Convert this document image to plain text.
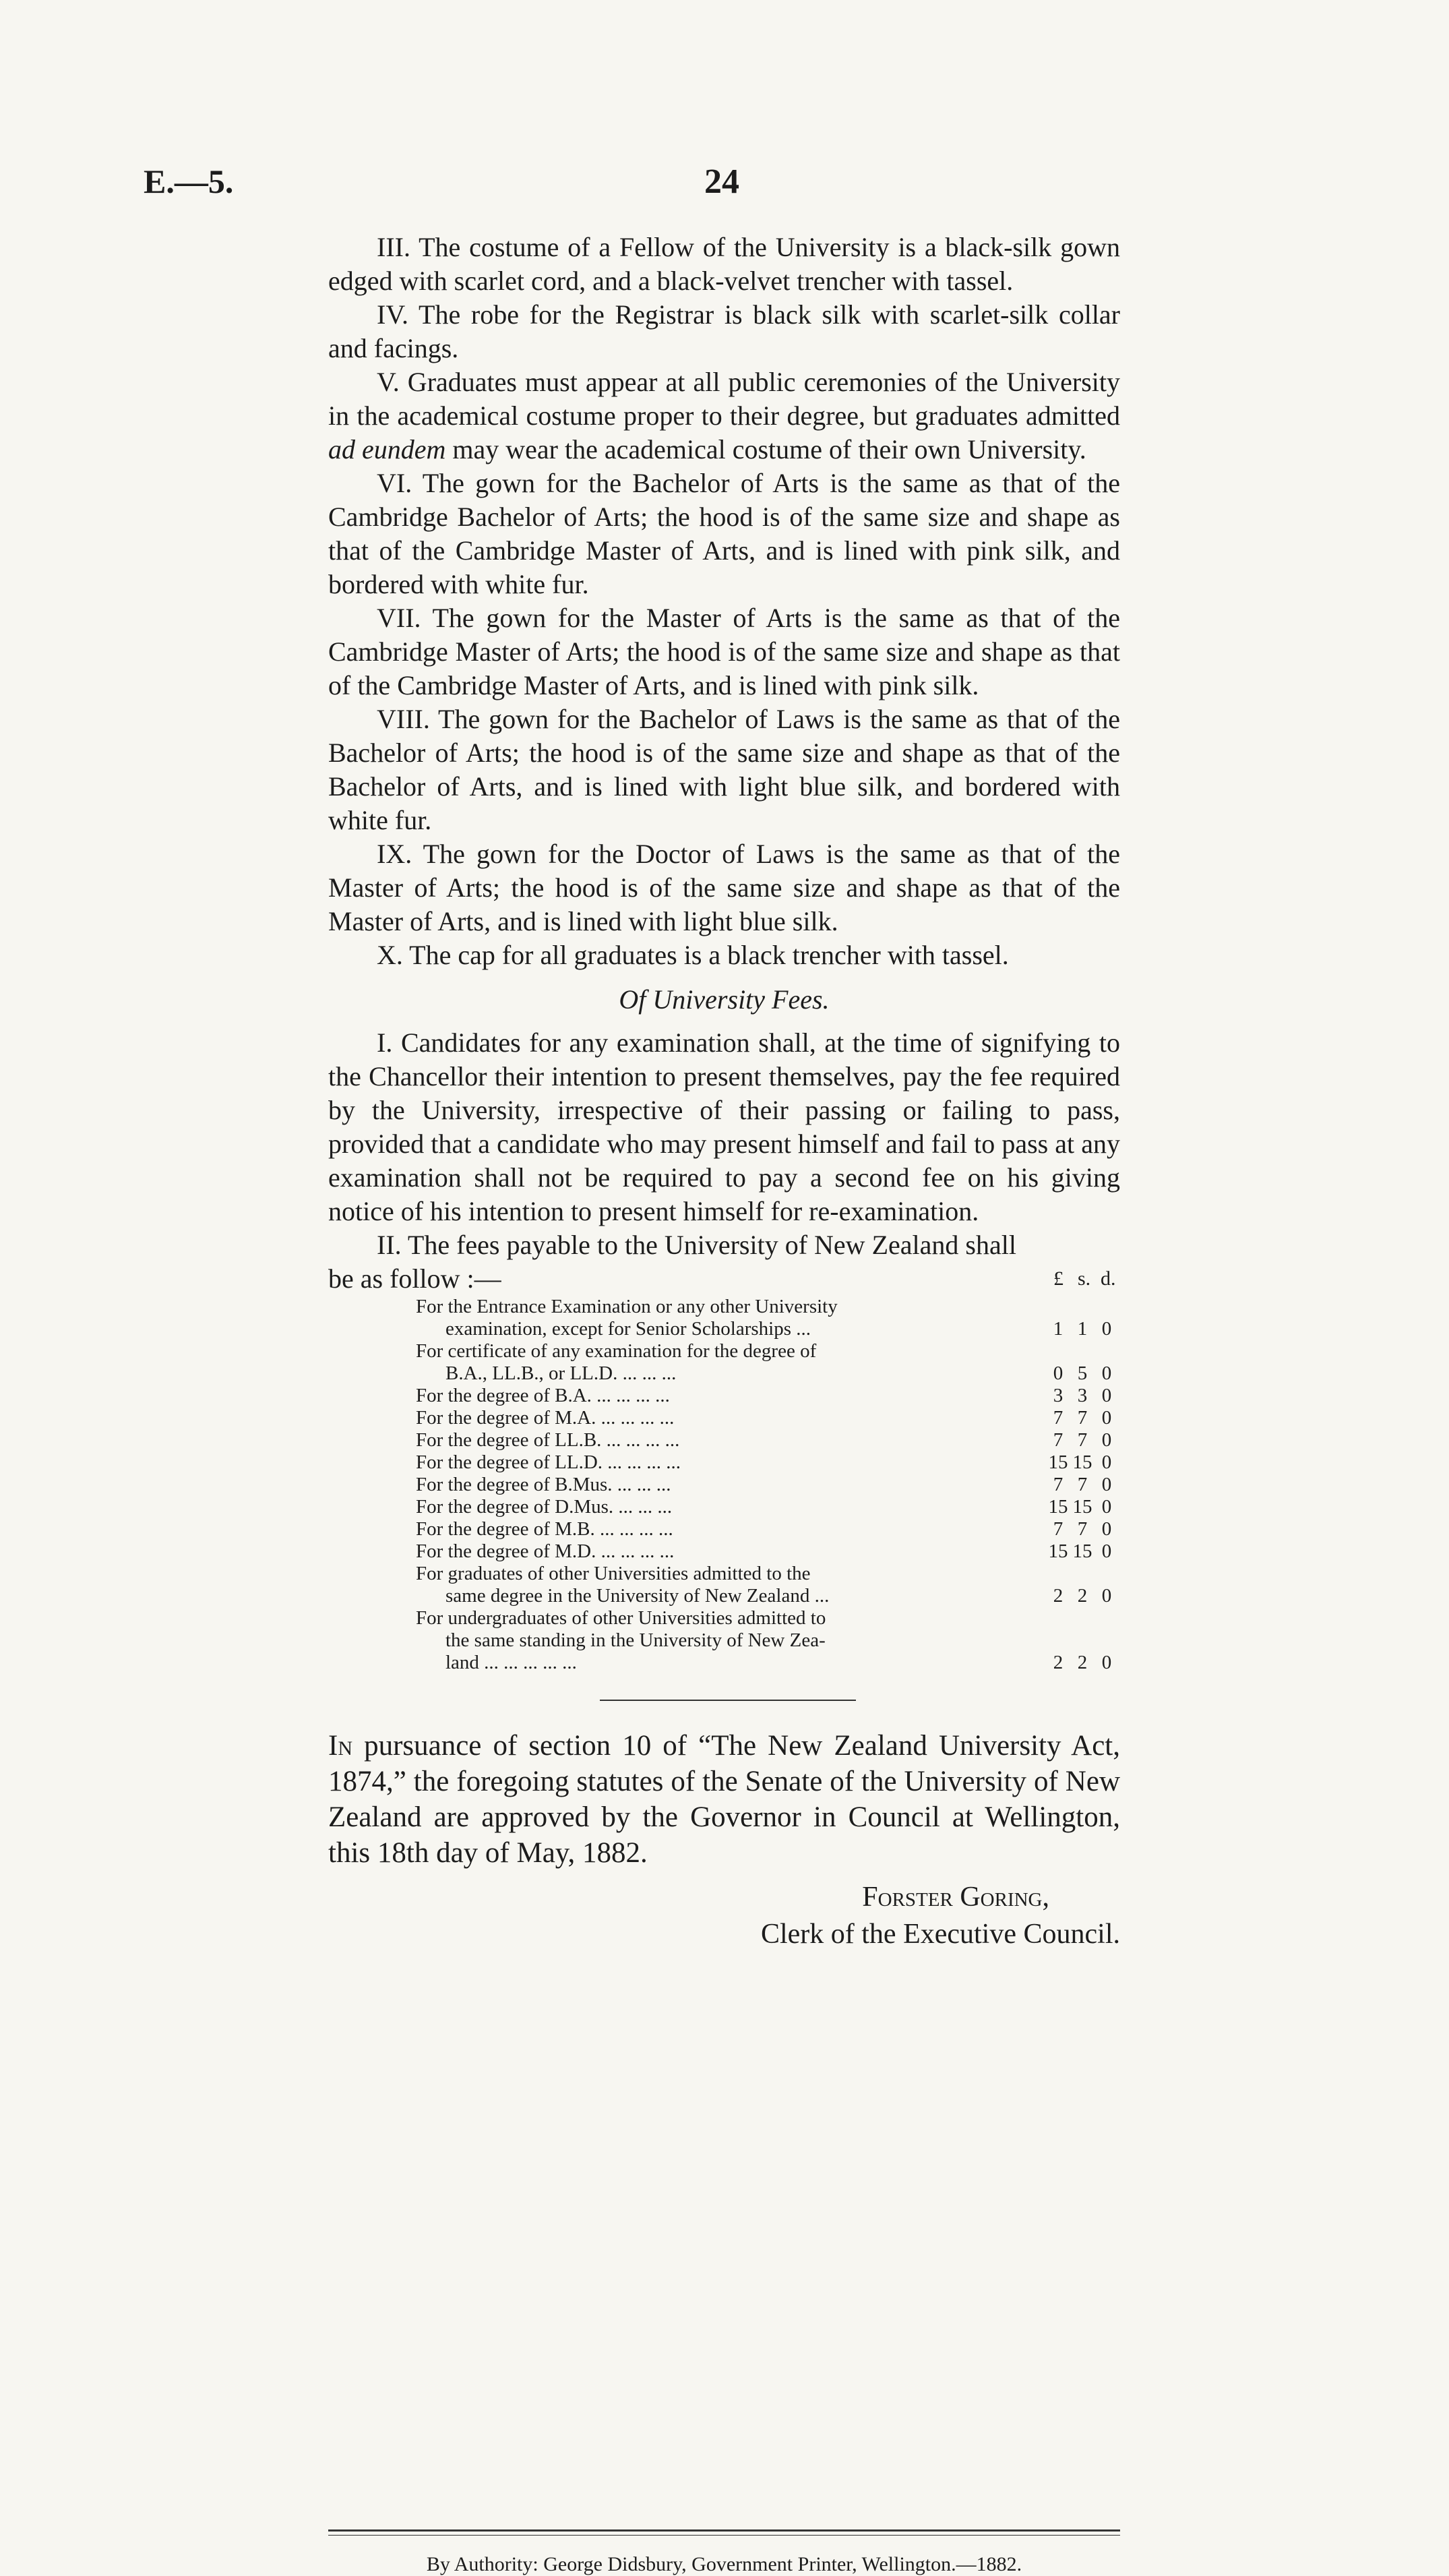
E.—5.	24

III. The costume of a Fellow of the University is a black-silk gown edged with scarlet cord, and a black-velvet trencher with tassel.

IV. The robe for the Registrar is black silk with scarlet-silk collar and facings.

V. Graduates must appear at all public ceremonies of the University in the academical costume proper to their degree, but graduates admitted ad eundem may wear the academical costume of their own University.

VI. The gown for the Bachelor of Arts is the same as that of the Cambridge Bachelor of Arts; the hood is of the same size and shape as that of the Cambridge Master of Arts, and is lined with pink silk, and bordered with white fur.

VII. The gown for the Master of Arts is the same as that of the Cambridge Master of Arts; the hood is of the same size and shape as that of the Cambridge Master of Arts, and is lined with pink silk.

VIII. The gown for the Bachelor of Laws is the same as that of the Bachelor of Arts; the hood is of the same size and shape as that of the Bachelor of Arts, and is lined with light blue silk, and bordered with white fur.

IX. The gown for the Doctor of Laws is the same as that of the Master of Arts; the hood is of the same size and shape as that of the Master of Arts, and is lined with light blue silk.

X. The cap for all graduates is a black trencher with tassel.

Of University Fees.

I. Candidates for any examination shall, at the time of signifying to the Chancellor their intention to present themselves, pay the fee required by the University, irrespective of their passing or failing to pass, provided that a candidate who may present himself and fail to pass at any examination shall not be required to pay a second fee on his giving notice of his intention to present himself for re-examination.

II. The fees payable to the University of New Zealand shall

be as follow :—	£ s. d.
For the Entrance Examination or any other University
examination, except for Senior Scholarships ...	1 1 0
For certificate of any examination for the degree of
B.A., LL.B., or LL.D. ... ... ...	0 5 0
For the degree of B.A. ... ... ... ...	3 3 0
For the degree of M.A. ... ... ... ...	7 7 0
For the degree of LL.B. ... ... ... ...	7 7 0
For the degree of LL.D. ... ... ... ...	15 15 0
For the degree of B.Mus. ... ... ...	7 7 0
For the degree of D.Mus. ... ... ...	15 15 0
For the degree of M.B. ... ... ... ...	7 7 0
For the degree of M.D. ... ... ... ...	15 15 0
For graduates of other Universities admitted to the
same degree in the University of New Zealand ...	2 2 0
For undergraduates of other Universities admitted to
the same standing in the University of New Zea-
land ... ... ... ... ...	2 2 0

In pursuance of section 10 of “The New Zealand University Act, 1874,” the foregoing statutes of the Senate of the University of New Zealand are approved by the Governor in Council at Wellington, this 18th day of May, 1882.

Forster Goring,
Clerk of the Executive Council.
By Authority: George Didsbury, Government Printer, Wellington.—1882.
